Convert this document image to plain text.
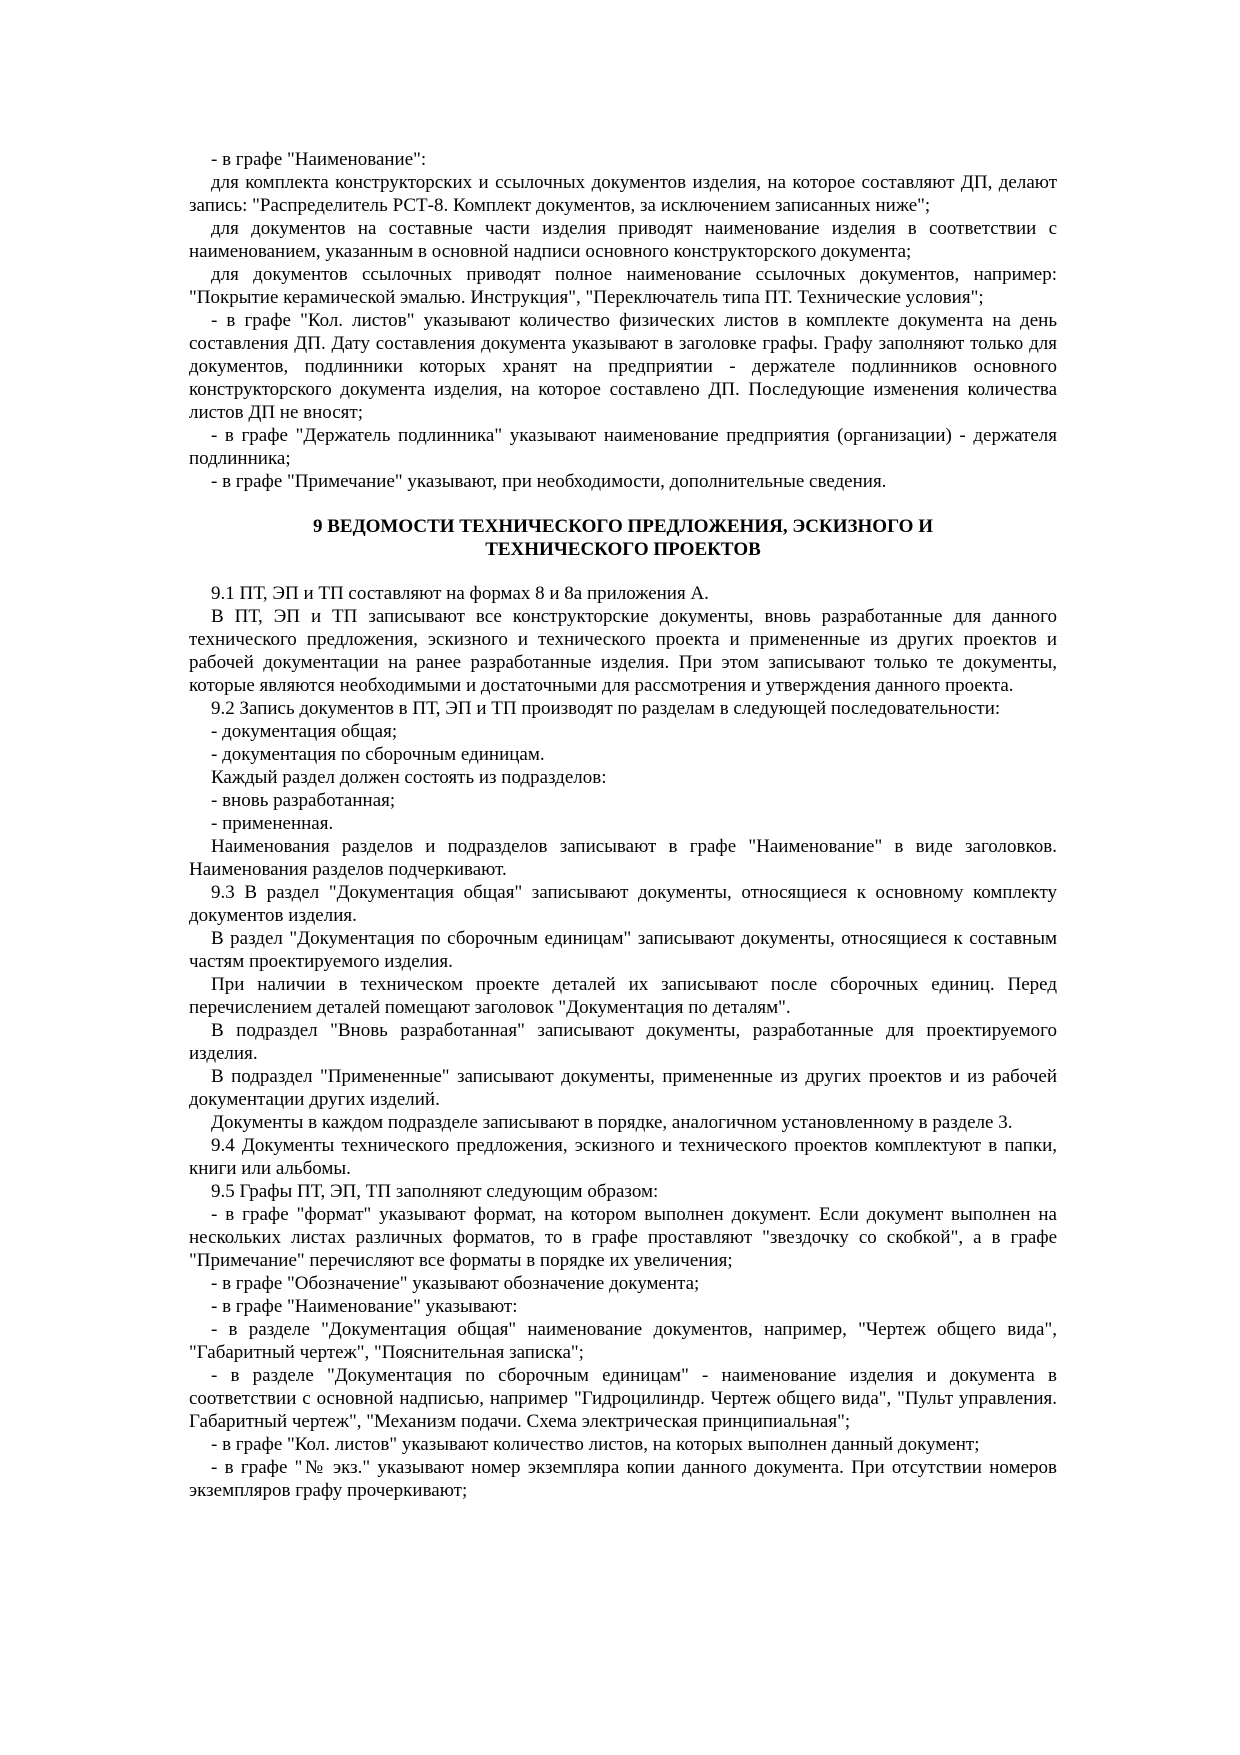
- в графе "Наименование":

для комплекта конструкторских и ссылочных документов изделия, на которое составляют ДП, делают запись: "Распределитель РСТ-8. Комплект документов, за исключением записанных ниже";

для документов на составные части изделия приводят наименование изделия в соответствии с наименованием, указанным в основной надписи основного конструкторского документа;

для документов ссылочных приводят полное наименование ссылочных документов, например: "Покрытие керамической эмалью. Инструкция", "Переключатель типа ПТ. Технические условия";

- в графе "Кол. листов" указывают количество физических листов в комплекте документа на день составления ДП. Дату составления документа указывают в заголовке графы. Графу заполняют только для документов, подлинники которых хранят на предприятии - держателе подлинников основного конструкторского документа изделия, на которое составлено ДП. Последующие изменения количества листов ДП не вносят;

- в графе "Держатель подлинника" указывают наименование предприятия (организации) - держателя подлинника;

- в графе "Примечание" указывают, при необходимости, дополнительные сведения.

9 ВЕДОМОСТИ ТЕХНИЧЕСКОГО ПРЕДЛОЖЕНИЯ, ЭСКИЗНОГО И
ТЕХНИЧЕСКОГО ПРОЕКТОВ

9.1 ПТ, ЭП и ТП составляют на формах 8 и 8а приложения А.

В ПТ, ЭП и ТП записывают все конструкторские документы, вновь разработанные для данного технического предложения, эскизного и технического проекта и примененные из других проектов и рабочей документации на ранее разработанные изделия. При этом записывают только те документы, которые являются необходимыми и достаточными для рассмотрения и утверждения данного проекта.

9.2 Запись документов в ПТ, ЭП и ТП производят по разделам в следующей последовательности:

- документация общая;

- документация по сборочным единицам.

Каждый раздел должен состоять из подразделов:

- вновь разработанная;

- примененная.

Наименования разделов и подразделов записывают в графе "Наименование" в виде заголовков. Наименования разделов подчеркивают.

9.3 В раздел "Документация общая" записывают документы, относящиеся к основному комплекту документов изделия.

В раздел "Документация по сборочным единицам" записывают документы, относящиеся к составным частям проектируемого изделия.

При наличии в техническом проекте деталей их записывают после сборочных единиц. Перед перечислением деталей помещают заголовок "Документация по деталям".

В подраздел "Вновь разработанная" записывают документы, разработанные для проектируемого изделия.

В подраздел "Примененные" записывают документы, примененные из других проектов и из рабочей документации других изделий.

Документы в каждом подразделе записывают в порядке, аналогичном установленному в разделе 3.

9.4 Документы технического предложения, эскизного и технического проектов комплектуют в папки, книги или альбомы.

9.5 Графы ПТ, ЭП, ТП заполняют следующим образом:

- в графе "формат" указывают формат, на котором выполнен документ. Если документ выполнен на нескольких листах различных форматов, то в графе проставляют "звездочку со скобкой", а в графе "Примечание" перечисляют все форматы в порядке их увеличения;

- в графе "Обозначение" указывают обозначение документа;

- в графе "Наименование" указывают:

- в разделе "Документация общая" наименование документов, например, "Чертеж общего вида", "Габаритный чертеж", "Пояснительная записка";

- в разделе "Документация по сборочным единицам" - наименование изделия и документа в соответствии с основной надписью, например "Гидроцилиндр. Чертеж общего вида", "Пульт управления. Габаритный чертеж", "Механизм подачи. Схема электрическая принципиальная";

- в графе "Кол. листов" указывают количество листов, на которых выполнен данный документ;

- в графе "№ экз." указывают номер экземпляра копии данного документа. При отсутствии номеров экземпляров графу прочеркивают;
